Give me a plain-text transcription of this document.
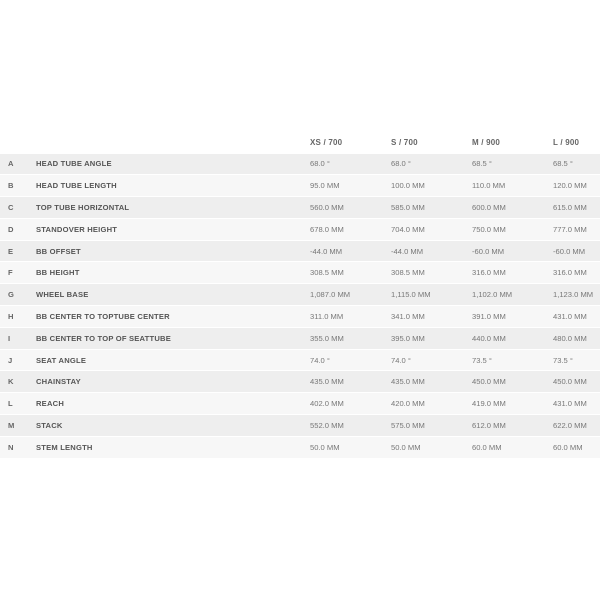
		XS / 700	S / 700	M / 900	L / 900
A	HEAD TUBE ANGLE	68.0 °	68.0 °	68.5 °	68.5 °
B	HEAD TUBE LENGTH	95.0 MM	100.0 MM	110.0 MM	120.0 MM
C	TOP TUBE HORIZONTAL	560.0 MM	585.0 MM	600.0 MM	615.0 MM
D	STANDOVER HEIGHT	678.0 MM	704.0 MM	750.0 MM	777.0 MM
E	BB OFFSET	-44.0 MM	-44.0 MM	-60.0 MM	-60.0 MM
F	BB HEIGHT	308.5 MM	308.5 MM	316.0 MM	316.0 MM
G	WHEEL BASE	1,087.0 MM	1,115.0 MM	1,102.0 MM	1,123.0 MM
H	BB CENTER TO TOPTUBE CENTER	311.0 MM	341.0 MM	391.0 MM	431.0 MM
I	BB CENTER TO TOP OF SEATTUBE	355.0 MM	395.0 MM	440.0 MM	480.0 MM
J	SEAT ANGLE	74.0 °	74.0 °	73.5 °	73.5 °
K	CHAINSTAY	435.0 MM	435.0 MM	450.0 MM	450.0 MM
L	REACH	402.0 MM	420.0 MM	419.0 MM	431.0 MM
M	STACK	552.0 MM	575.0 MM	612.0 MM	622.0 MM
N	STEM LENGTH	50.0 MM	50.0 MM	60.0 MM	60.0 MM
